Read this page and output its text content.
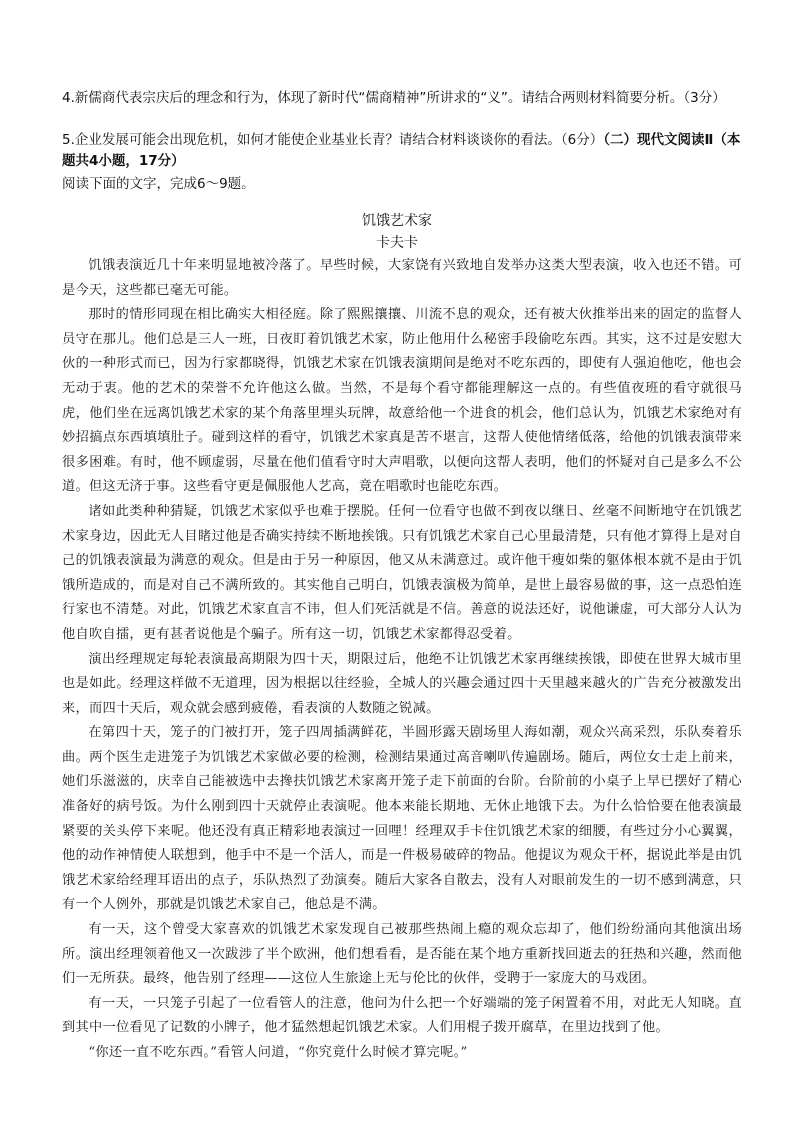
4.新儒商代表宗庆后的理念和行为，体现了新时代“儒商精神”所讲求的“义”。请结合两则材料简要分析。（3分）
5.企业发展可能会出现危机，如何才能使企业基业长青？请结合材料谈谈你的看法。（6分）（二）现代文阅读Ⅱ（本题共4小题，17分）
阅读下面的文字，完成6～9题。
饥饿艺术家
卡夫卡

饥饿表演近几十年来明显地被冷落了。早些时候，大家饶有兴致地自发举办这类大型表演，收入也还不错。可是今天，这些都已毫无可能。

那时的情形同现在相比确实大相径庭。除了熙熙攘攘、川流不息的观众，还有被大伙推举出来的固定的监督人员守在那儿。他们总是三人一班，日夜盯着饥饿艺术家，防止他用什么秘密手段偷吃东西。其实，这不过是安慰大伙的一种形式而已，因为行家都晓得，饥饿艺术家在饥饿表演期间是绝对不吃东西的，即使有人强迫他吃，他也会无动于衷。他的艺术的荣誉不允许他这么做。当然，不是每个看守都能理解这一点的。有些值夜班的看守就很马虎，他们坐在远离饥饿艺术家的某个角落里埋头玩牌，故意给他一个进食的机会，他们总认为，饥饿艺术家绝对有妙招搞点东西填填肚子。碰到这样的看守，饥饿艺术家真是苦不堪言，这帮人使他情绪低落，给他的饥饿表演带来很多困难。有时，他不顾虚弱，尽量在他们值看守时大声唱歌，以便向这帮人表明，他们的怀疑对自己是多么不公道。但这无济于事。这些看守更是佩服他人艺高，竟在唱歌时也能吃东西。

诸如此类种种猜疑，饥饿艺术家似乎也难于摆脱。任何一位看守也做不到夜以继日、丝毫不间断地守在饥饿艺术家身边，因此无人目睹过他是否确实持续不断地挨饿。只有饥饿艺术家自己心里最清楚，只有他才算得上是对自己的饥饿表演最为满意的观众。但是由于另一种原因，他又从未满意过。或许他干瘦如柴的躯体根本就不是由于饥饿所造成的，而是对自己不满所致的。其实他自己明白，饥饿表演极为简单，是世上最容易做的事，这一点恐怕连行家也不清楚。对此，饥饿艺术家直言不讳，但人们死活就是不信。善意的说法还好，说他谦虚，可大部分人认为他自吹自擂，更有甚者说他是个骗子。所有这一切，饥饿艺术家都得忍受着。

演出经理规定每轮表演最高期限为四十天，期限过后，他绝不让饥饿艺术家再继续挨饿，即使在世界大城市里也是如此。经理这样做不无道理，因为根据以往经验，全城人的兴趣会通过四十天里越来越火的广告充分被激发出来，而四十天后，观众就会感到疲倦，看表演的人数随之锐减。

在第四十天，笼子的门被打开，笼子四周插满鲜花，半圆形露天剧场里人海如潮，观众兴高采烈，乐队奏着乐曲。两个医生走进笼子为饥饿艺术家做必要的检测，检测结果通过高音喇叭传遍剧场。随后，两位女士走上前来，她们乐滋滋的，庆幸自己能被选中去搀扶饥饿艺术家离开笼子走下前面的台阶。台阶前的小桌子上早已摆好了精心准备好的病号饭。为什么刚到四十天就停止表演呢。他本来能长期地、无休止地饿下去。为什么恰恰要在他表演最紧要的关头停下来呢。他还没有真正精彩地表演过一回哩！经理双手卡住饥饿艺术家的细腰，有些过分小心翼翼，他的动作神情使人联想到，他手中不是一个活人，而是一件极易破碎的物品。他提议为观众干杯，据说此举是由饥饿艺术家给经理耳语出的点子，乐队热烈了劲演奏。随后大家各自散去，没有人对眼前发生的一切不感到满意，只有一个人例外，那就是饥饿艺术家自己，他总是不满。

有一天，这个曾受大家喜欢的饥饿艺术家发现自己被那些热闹上瘾的观众忘却了，他们纷纷涌向其他演出场所。演出经理领着他又一次跋涉了半个欧洲，他们想看看，是否能在某个地方重新找回逝去的狂热和兴趣，然而他们一无所获。最终，他告别了经理——这位人生旅途上无与伦比的伙伴，受聘于一家庞大的马戏团。

有一天，一只笼子引起了一位看管人的注意，他问为什么把一个好端端的笼子闲置着不用，对此无人知晓。直到其中一位看见了记数的小牌子，他才猛然想起饥饿艺术家。人们用棍子拨开腐草，在里边找到了他。

“你还一直不吃东西。”看管人问道，“你究竟什么时候才算完呢。”
